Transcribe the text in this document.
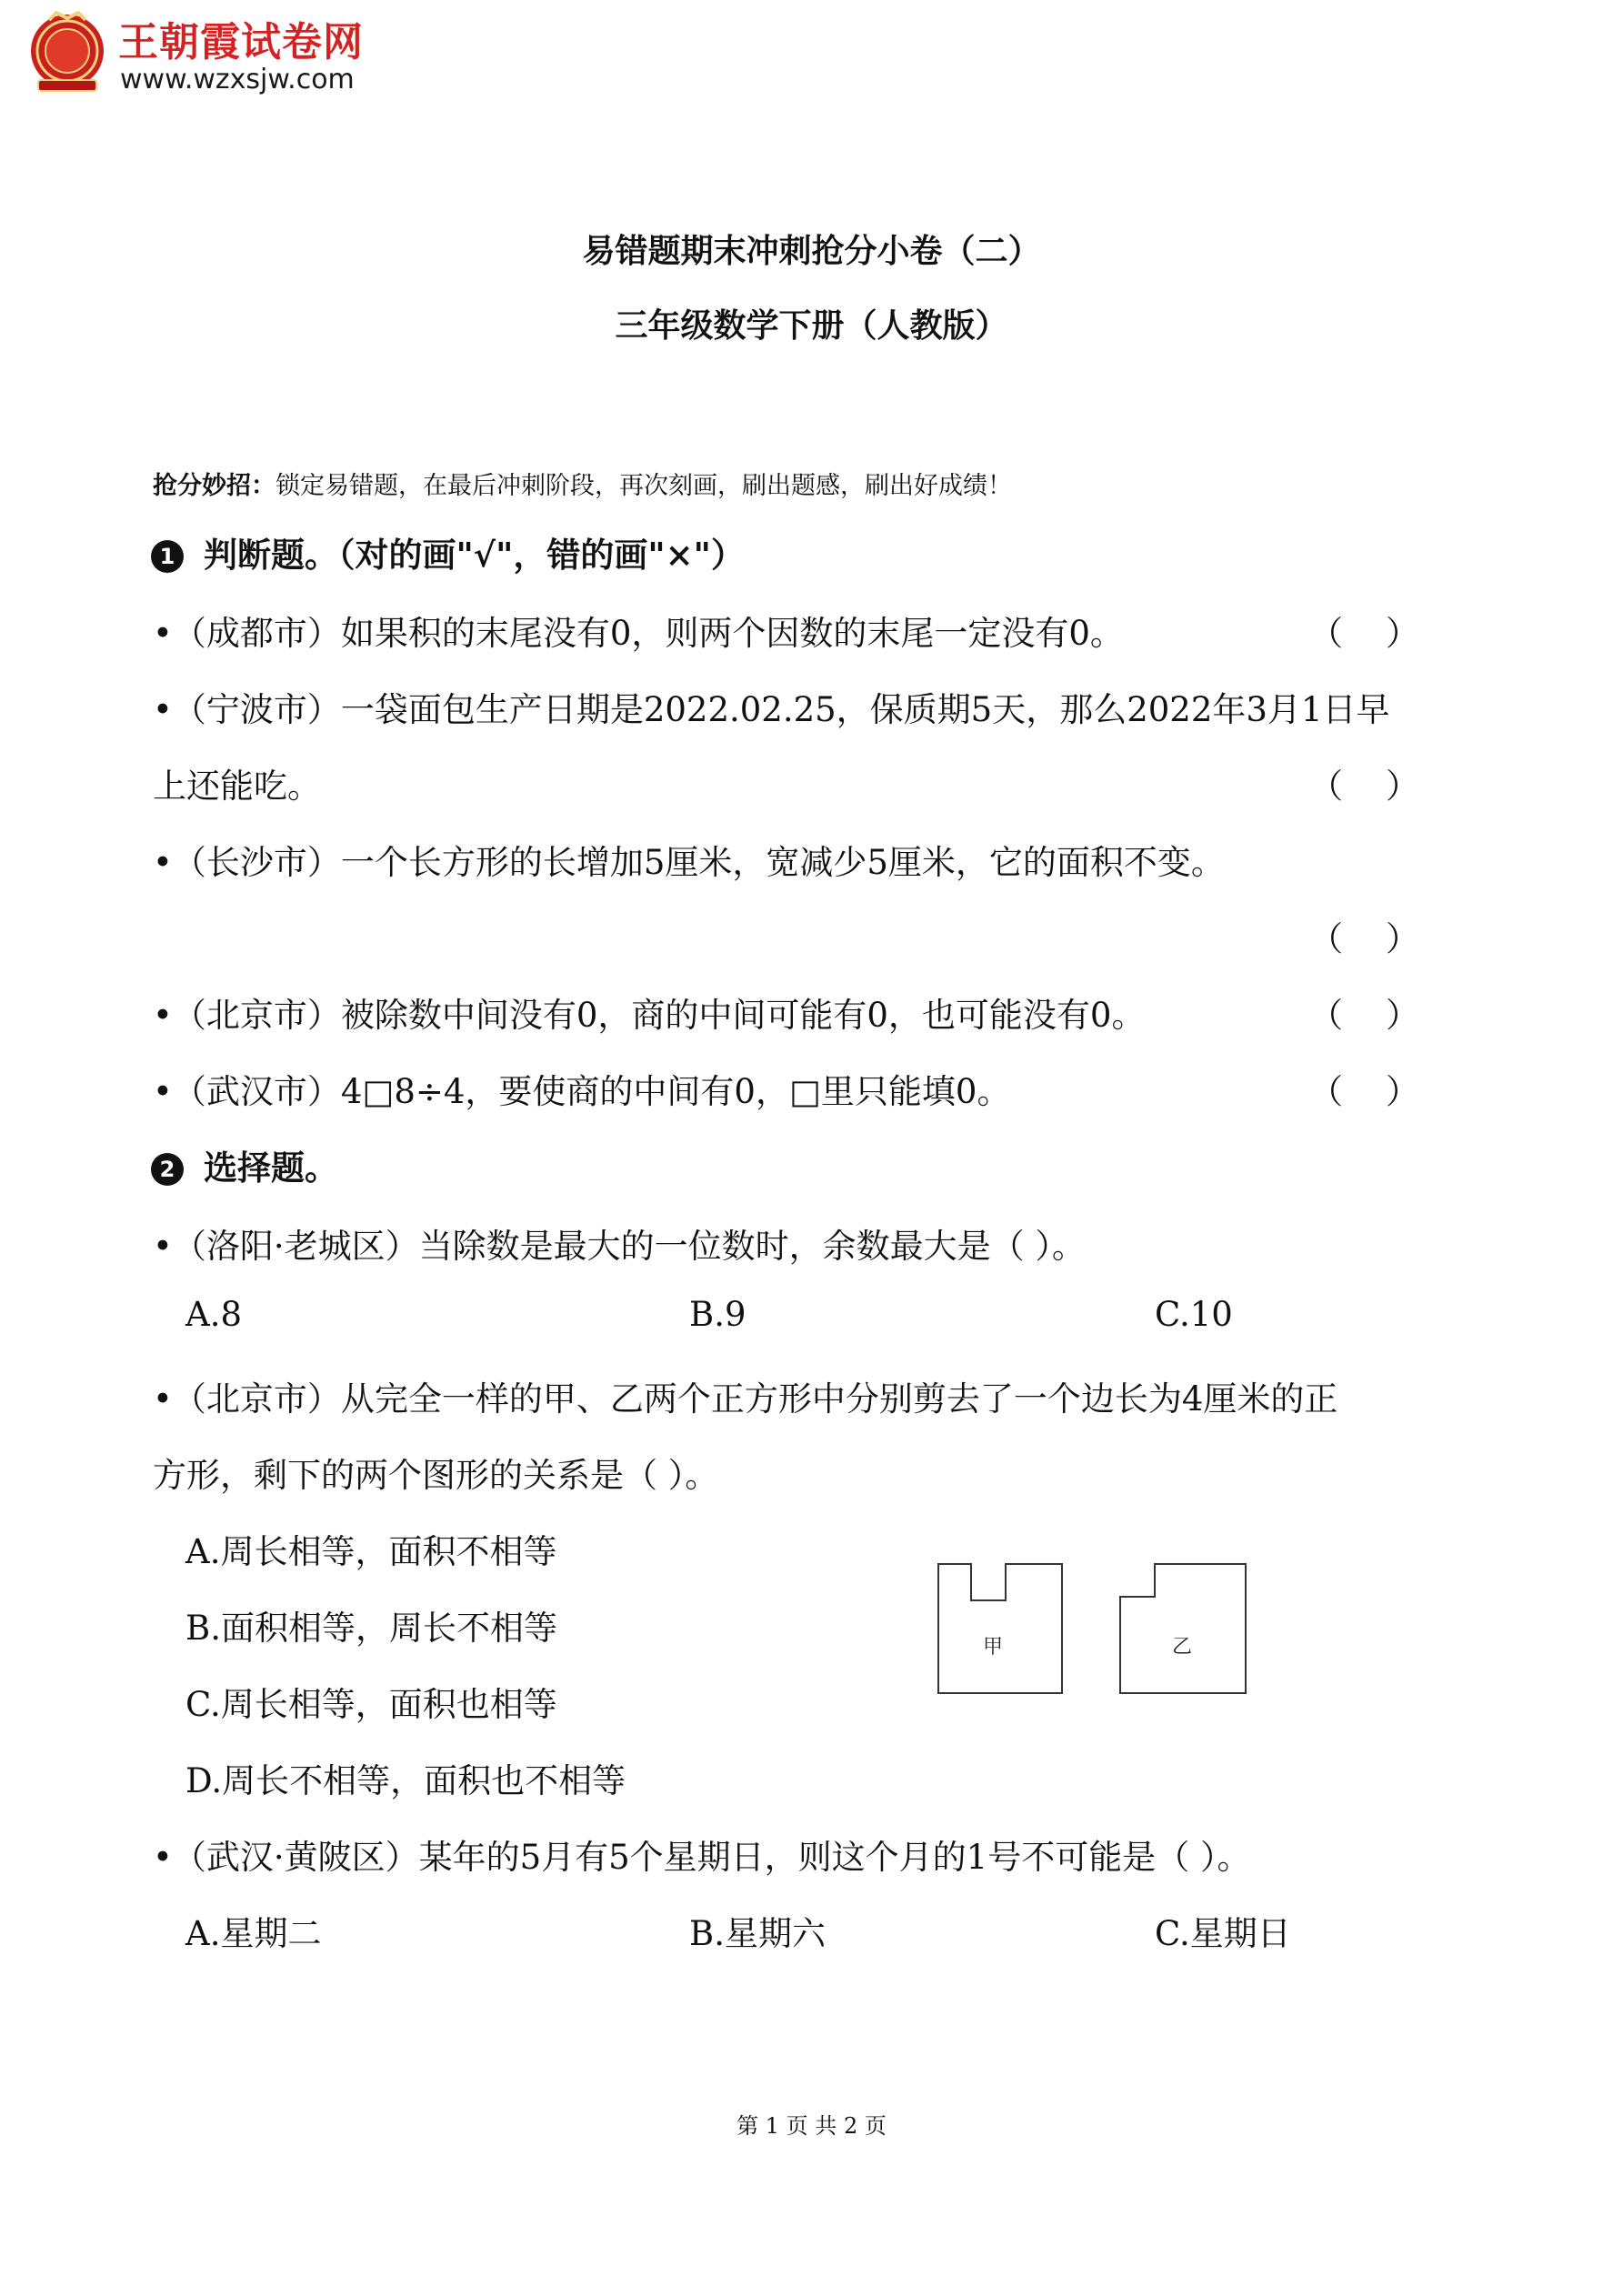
王朝霞试卷网
www.wzxsjw.com
易错题期末冲刺抢分小卷（二）
三年级数学下册（人教版）
抢分妙招：锁定易错题，在最后冲刺阶段，再次刻画，刷出题感，刷出好成绩！
1 判断题。（对的画"√"，错的画"×"）
•（成都市）如果积的末尾没有0，则两个因数的末尾一定没有0。	（    ）
•（宁波市）一袋面包生产日期是2022.02.25，保质期5天，那么2022年3月1日早
上还能吃。	（    ）
•（长沙市）一个长方形的长增加5厘米，宽减少5厘米，它的面积不变。
（    ）
•（北京市）被除数中间没有0，商的中间可能有0，也可能没有0。	（    ）
•（武汉市）4□8÷4，要使商的中间有0，□里只能填0。	（    ）
2 选择题。
•（洛阳·老城区）当除数是最大的一位数时，余数最大是（ ）。
A.8	B.9	C.10
•（北京市）从完全一样的甲、乙两个正方形中分别剪去了一个边长为4厘米的正
方形，剩下的两个图形的关系是（ ）。
A.周长相等，面积不相等
B.面积相等，周长不相等
C.周长相等，面积也相等
D.周长不相等，面积也不相等
甲	乙
•（武汉·黄陂区）某年的5月有5个星期日，则这个月的1号不可能是（ ）。
A.星期二	B.星期六	C.星期日
第 1 页 共 2 页
